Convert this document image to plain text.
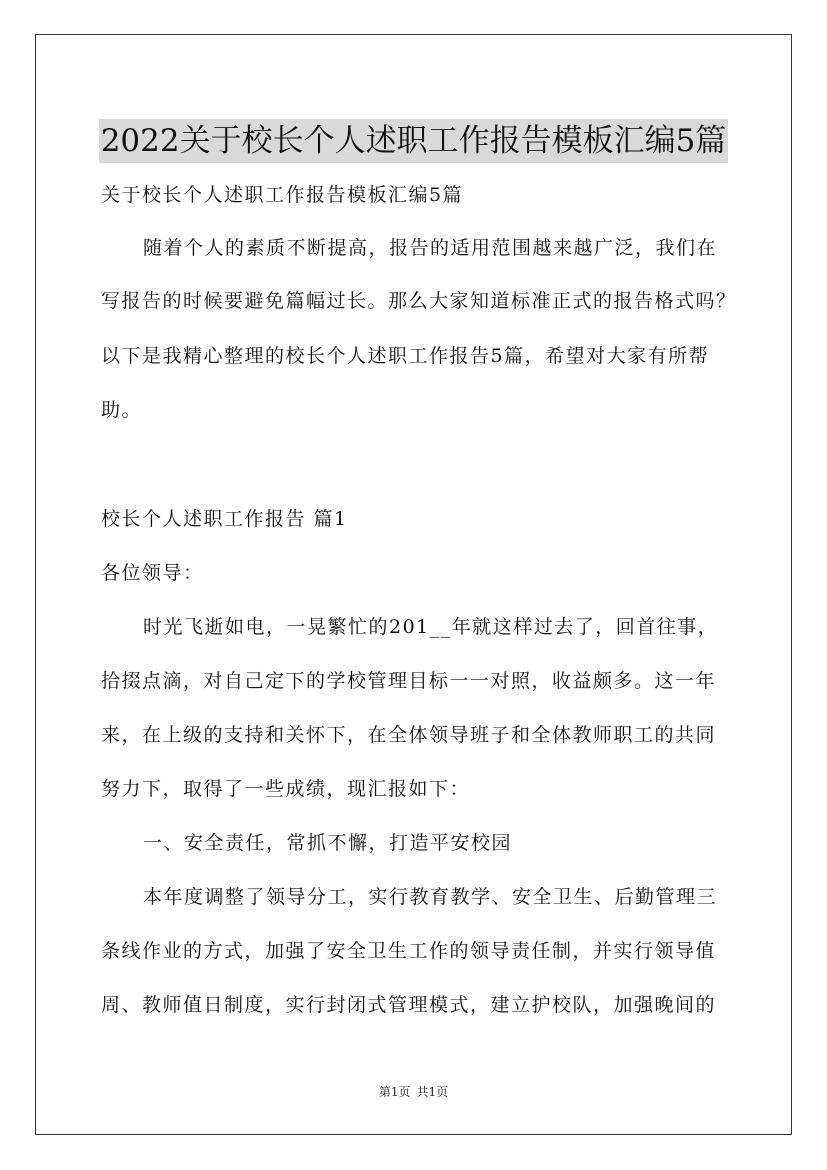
2022关于校长个人述职工作报告模板汇编5篇
关于校长个人述职工作报告模板汇编5篇
随着个人的素质不断提高，报告的适用范围越来越广泛，我们在
写报告的时候要避免篇幅过长。那么大家知道标准正式的报告格式吗？
以下是我精心整理的校长个人述职工作报告5篇，希望对大家有所帮
助。
校长个人述职工作报告 篇1
各位领导：
时光飞逝如电，一晃繁忙的201__年就这样过去了，回首往事，
拾掇点滴，对自己定下的学校管理目标一一对照，收益颇多。这一年
来，在上级的支持和关怀下，在全体领导班子和全体教师职工的共同
努力下，取得了一些成绩，现汇报如下：
一、安全责任，常抓不懈，打造平安校园
本年度调整了领导分工，实行教育教学、安全卫生、后勤管理三
条线作业的方式，加强了安全卫生工作的领导责任制，并实行领导值
周、教师值日制度，实行封闭式管理模式，建立护校队，加强晚间的
第1页 共1页
